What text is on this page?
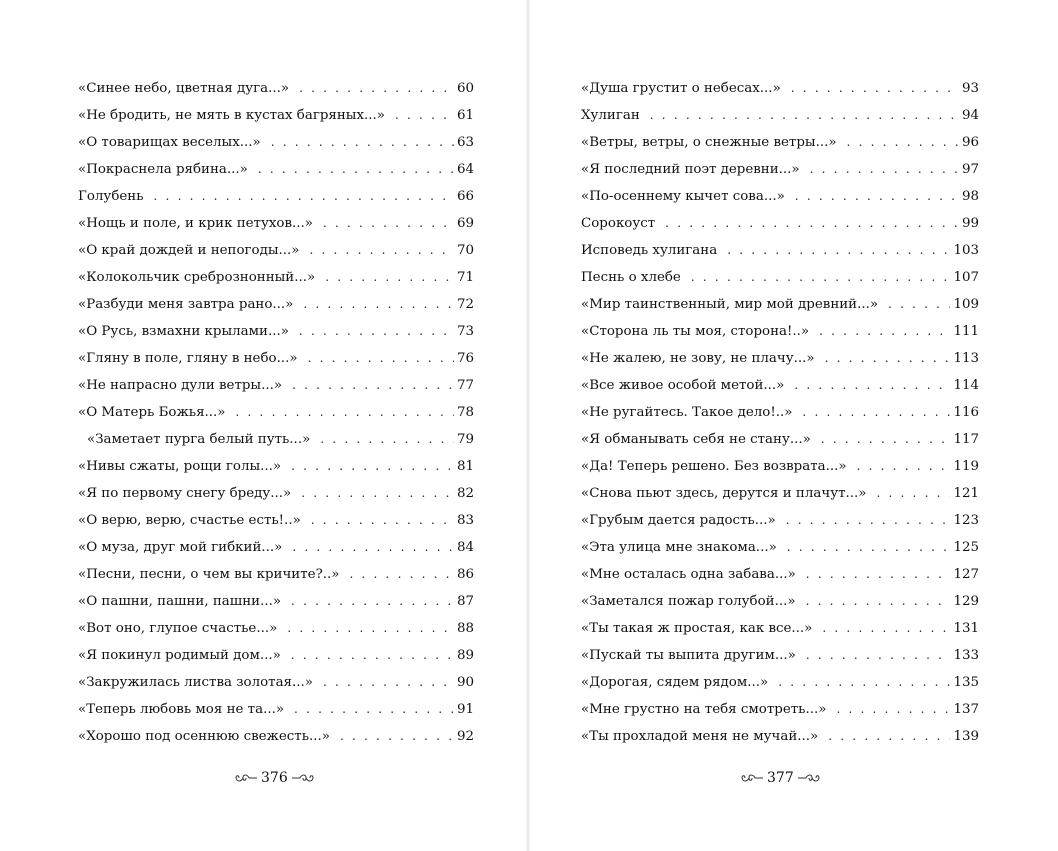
«Синее небо, цветная дуга...» . . .	60
«Не бродить, не мять в кустах багряных...» . . .	61
«О товарищах веселых...» . . .	63
«Покраснела рябина...» . . .	64
Голубень . . .	66
«Нощь и поле, и крик петухов...» . . .	69
«О край дождей и непогоды...» . . .	70
«Колокольчик сребрознонный...» . . .	71
«Разбуди меня завтра рано...» . . .	72
«О Русь, взмахни крылами...» . . .	73
«Гляну в поле, гляну в небо...» . . .	76
«Не напрасно дули ветры...» . . .	77
«О Матерь Божья...» . . .	78
«Заметает пурга белый путь...» . . .	79
«Нивы сжаты, рощи голы...» . . .	81
«Я по первому снегу бреду...» . . .	82
«О верю, верю, счастье есть!..» . . .	83
«О муза, друг мой гибкий...» . . .	84
«Песни, песни, о чем вы кричите?..» . . .	86
«О пашни, пашни, пашни...» . . .	87
«Вот оно, глупое счастье...» . . .	88
«Я покинул родимый дом...» . . .	89
«Закружилась листва золотая...» . . .	90
«Теперь любовь моя не та...» . . .	91
«Хорошо под осеннюю свежесть...» . . .	92
376
«Душа грустит о небесах...» . . .	93
Хулиган . . .	94
«Ветры, ветры, о снежные ветры...» . . .	96
«Я последний поэт деревни...» . . .	97
«По-осеннему кычет сова...» . . .	98
Сорокоуст . . .	99
Исповедь хулигана . . .	103
Песнь о хлебе . . .	107
«Мир таинственный, мир мой древний...» . . .	109
«Сторона ль ты моя, сторона!..» . . .	111
«Не жалею, не зову, не плачу...» . . .	113
«Все живое особой метой...» . . .	114
«Не ругайтесь. Такое дело!..» . . .	116
«Я обманывать себя не стану...» . . .	117
«Да! Теперь решено. Без возврата...» . . .	119
«Снова пьют здесь, дерутся и плачут...» . . .	121
«Грубым дается радость...» . . .	123
«Эта улица мне знакома...» . . .	125
«Мне осталась одна забава...» . . .	127
«Заметался пожар голубой...» . . .	129
«Ты такая ж простая, как все...» . . .	131
«Пускай ты выпита другим...» . . .	133
«Дорогая, сядем рядом...» . . .	135
«Мне грустно на тебя смотреть...» . . .	137
«Ты прохладой меня не мучай...» . . .	139
377
